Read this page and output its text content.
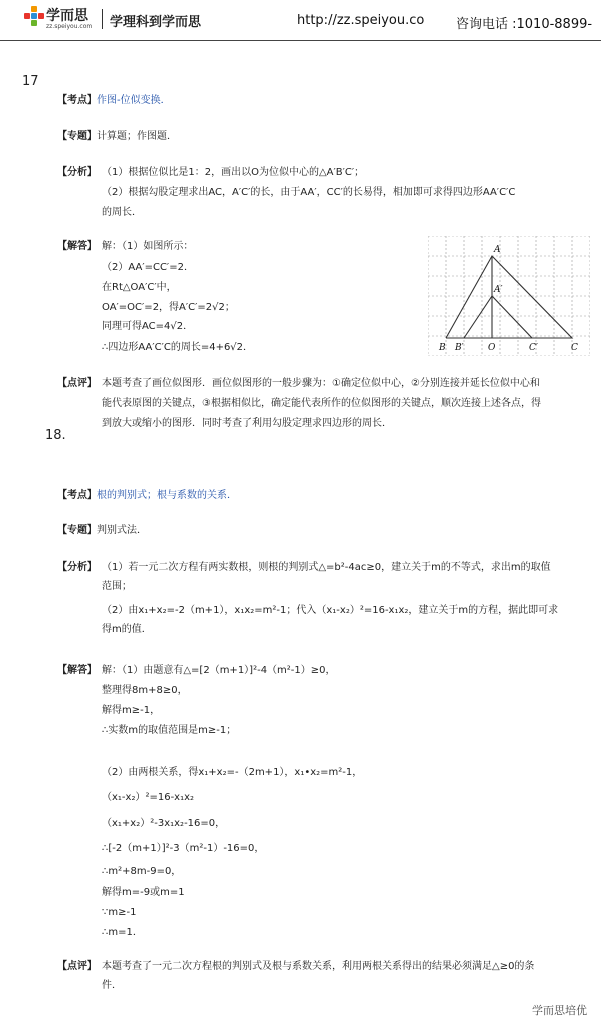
学而思
zz.speiyou.com 学理科到学而思	http://zz.speiyou.co 咨询电话 :1010-8899-
17
【考点】作图-位似变换．
【专题】计算题；作图题．
【分析】 （1）根据位似比是1：2，画出以O为位似中心的△A′B′C′；
（2）根据勾股定理求出AC，A′C′的长，由于AA′，CC′的长易得，相加即可求得四边形AA′C′C
的周长．
【解答】 解：（1）如图所示：
（2）AA′=CC′=2．
在Rt△OA′C′中，
OA′=OC′=2，得A′C′=2√2；
同理可得AC=4√2．
∴四边形AA′C′C的周长=4+6√2．
A
A′
B B′	O	C′	C
【点评】 本题考查了画位似图形．画位似图形的一般步骤为：①确定位似中心，②分别连接并延长位似中心和
能代表原图的关键点，③根据相似比，确定能代表所作的位似图形的关键点，顺次连接上述各点，得
到放大或缩小的图形．同时考查了利用勾股定理求四边形的周长．
18.
【考点】根的判别式；根与系数的关系．
【专题】判别式法．
【分析】 （1）若一元二次方程有两实数根，则根的判别式△=b²-4ac≥0，建立关于m的不等式，求出m的取值
范围；
（2）由x₁+x₂=-2（m+1），x₁x₂=m²-1；代入（x₁-x₂）²=16-x₁x₂，建立关于m的方程，据此即可求
得m的值．
【解答】 解：（1）由题意有△=[2（m+1）]²-4（m²-1）≥0，
整理得8m+8≥0，
解得m≥-1，
∴实数m的取值范围是m≥-1；
（2）由两根关系，得x₁+x₂=-（2m+1），x₁•x₂=m²-1，
（x₁-x₂）²=16-x₁x₂
（x₁+x₂）²-3x₁x₂-16=0，
∴[-2（m+1）]²-3（m²-1）-16=0，
∴m²+8m-9=0，
解得m=-9或m=1
∵m≥-1
∴m=1．
【点评】 本题考查了一元二次方程根的判别式及根与系数关系，利用两根关系得出的结果必须满足△≥0的条
件．
学而思培优
